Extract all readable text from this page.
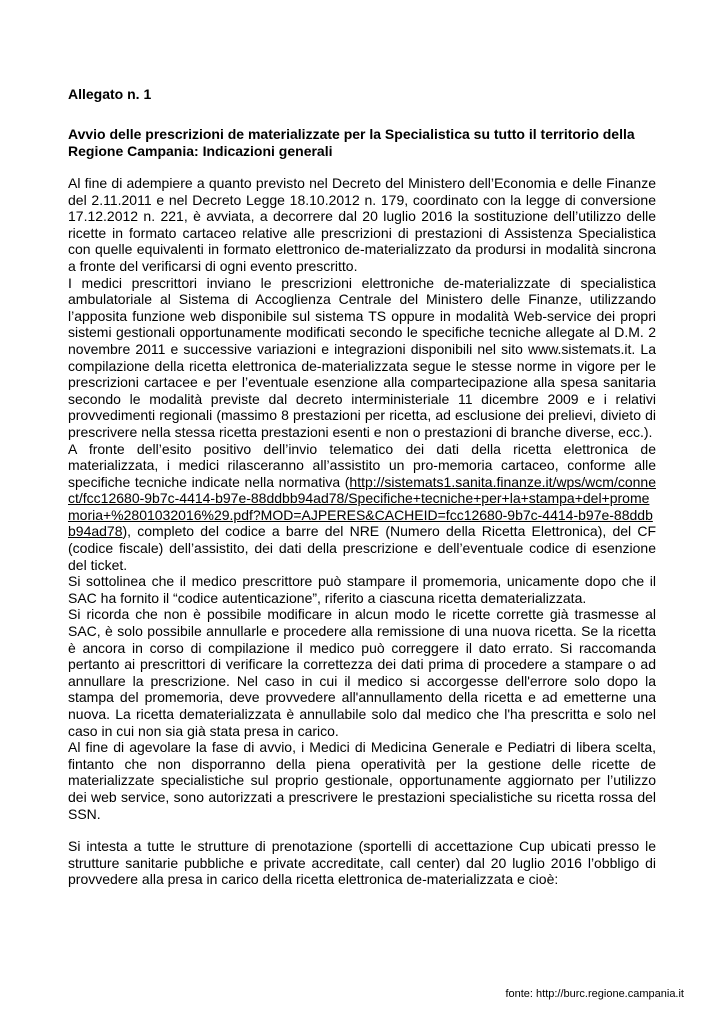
Allegato n. 1

Avvio delle prescrizioni de materializzate per la Specialistica su tutto il territorio della Regione Campania: Indicazioni generali

Al fine di adempiere a quanto previsto nel Decreto del Ministero dell’Economia e delle Finanze del 2.11.2011 e nel Decreto Legge 18.10.2012 n. 179, coordinato con la legge di conversione 17.12.2012 n. 221, è avviata, a decorrere dal 20 luglio 2016 la sostituzione dell’utilizzo delle ricette in formato cartaceo relative alle prescrizioni di prestazioni di Assistenza Specialistica con quelle equivalenti in formato elettronico de-materializzato da prodursi in modalità sincrona a fronte del verificarsi di ogni evento prescritto.

I medici prescrittori inviano le prescrizioni elettroniche de-materializzate di specialistica ambulatoriale al Sistema di Accoglienza Centrale del Ministero delle Finanze, utilizzando l’apposita funzione web disponibile sul sistema TS oppure in modalità Web-service dei propri sistemi gestionali opportunamente modificati secondo le specifiche tecniche allegate al D.M. 2 novembre 2011 e successive variazioni e integrazioni disponibili nel sito www.sistemats.it. La compilazione della ricetta elettronica de-materializzata segue le stesse norme in vigore per le prescrizioni cartacee e per l’eventuale esenzione alla compartecipazione alla spesa sanitaria secondo le modalità previste dal decreto interministeriale 11 dicembre 2009 e i relativi provvedimenti regionali (massimo 8 prestazioni per ricetta, ad esclusione dei prelievi, divieto di prescrivere nella stessa ricetta prestazioni esenti e non o prestazioni di branche diverse, ecc.).

A fronte dell’esito positivo dell’invio telematico dei dati della ricetta elettronica de materializzata, i medici rilasceranno all’assistito un pro-memoria cartaceo, conforme alle specifiche tecniche indicate nella normativa (http://sistemats1.sanita.finanze.it/wps/wcm/connect/fcc12680-9b7c-4414-b97e-88ddbb94ad78/Specifiche+tecniche+per+la+stampa+del+promemoria+%2801032016%29.pdf?MOD=AJPERES&CACHEID=fcc12680-9b7c-4414-b97e-88ddbb94ad78), completo del codice a barre del NRE (Numero della Ricetta Elettronica), del CF (codice fiscale) dell’assistito, dei dati della prescrizione e dell’eventuale codice di esenzione del ticket.

Si sottolinea che il medico prescrittore può stampare il promemoria, unicamente dopo che il SAC ha fornito il “codice autenticazione”, riferito a ciascuna ricetta dematerializzata.

Si ricorda che non è possibile modificare in alcun modo le ricette corrette già trasmesse al SAC, è solo possibile annullarle e procedere alla remissione di una nuova ricetta. Se la ricetta è ancora in corso di compilazione il medico può correggere il dato errato. Si raccomanda pertanto ai prescrittori di verificare la correttezza dei dati prima di procedere a stampare o ad annullare la prescrizione. Nel caso in cui il medico si accorgesse dell'errore solo dopo la stampa del promemoria, deve provvedere all'annullamento della ricetta e ad emetterne una nuova. La ricetta dematerializzata è annullabile solo dal medico che l'ha prescritta e solo nel caso in cui non sia già stata presa in carico.

Al fine di agevolare la fase di avvio, i Medici di Medicina Generale e Pediatri di libera scelta, fintanto che non disporranno della piena operatività per la gestione delle ricette de materializzate specialistiche sul proprio gestionale, opportunamente aggiornato per l’utilizzo dei web service, sono autorizzati a prescrivere le prestazioni specialistiche su ricetta rossa del SSN.

Si intesta a tutte le strutture di prenotazione (sportelli di accettazione Cup ubicati presso le strutture sanitarie pubbliche e private accreditate, call center) dal 20 luglio 2016 l’obbligo di provvedere alla presa in carico della ricetta elettronica de-materializzata e cioè:

fonte: http://burc.regione.campania.it
